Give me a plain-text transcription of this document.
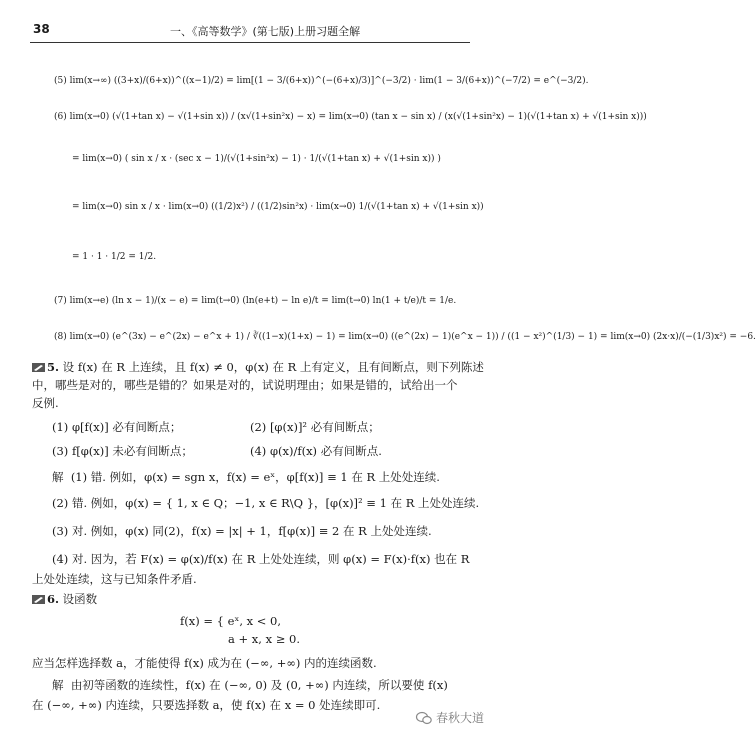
38	一、《高等数学》(第七版)上册习题全解
(5) lim(x→∞) ((3+x)/(6+x))^((x−1)/2) = lim[(1 − 3/(6+x))^(−(6+x)/3)]^(−3/2) · lim(1 − 3/(6+x))^(−7/2) = e^(−3/2).
(6) lim(x→0) (√(1+tan x) − √(1+sin x)) / (x√(1+sin²x) − x) = lim(x→0) (tan x − sin x) / (x(√(1+sin²x) − 1)(√(1+tan x) + √(1+sin x)))
= lim(x→0) ( sin x / x · (sec x − 1)/(√(1+sin²x) − 1) · 1/(√(1+tan x) + √(1+sin x)) )
= lim(x→0) sin x / x · lim(x→0) ((1/2)x²) / ((1/2)sin²x) · lim(x→0) 1/(√(1+tan x) + √(1+sin x))
= 1 · 1 · 1/2 = 1/2.
(7) lim(x→e) (ln x − 1)/(x − e) = lim(t→0) (ln(e+t) − ln e)/t = lim(t→0) ln(1 + t/e)/t = 1/e.
(8) lim(x→0) (e^(3x) − e^(2x) − e^x + 1) / ∛((1−x)(1+x) − 1) = lim(x→0) ((e^(2x) − 1)(e^x − 1)) / ((1 − x²)^(1/3) − 1) = lim(x→0) (2x·x)/(−(1/3)x²) = −6.
5. 设 f(x) 在 R 上连续，且 f(x) ≠ 0，φ(x) 在 R 上有定义，且有间断点，则下列陈述
中，哪些是对的，哪些是错的？如果是对的，试说明理由；如果是错的，试给出一个
反例.
(1) φ[f(x)] 必有间断点；	(2) [φ(x)]² 必有间断点；
(3) f[φ(x)] 未必有间断点；	(4) φ(x)/f(x) 必有间断点.
解 (1) 错. 例如，φ(x) = sgn x，f(x) = eˣ，φ[f(x)] ≡ 1 在 R 上处处连续.
(2) 错. 例如，φ(x) = { 1, x ∈ Q；−1, x ∈ R\Q }，[φ(x)]² ≡ 1 在 R 上处处连续.
(3) 对. 例如，φ(x) 同(2)，f(x) = |x| + 1，f[φ(x)] ≡ 2 在 R 上处处连续.
(4) 对. 因为，若 F(x) = φ(x)/f(x) 在 R 上处处连续，则 φ(x) = F(x)·f(x) 也在 R
上处处连续，这与已知条件矛盾.
6. 设函数
f(x) = { eˣ, x < 0,
a + x, x ≥ 0.
应当怎样选择数 a，才能使得 f(x) 成为在 (−∞, +∞) 内的连续函数.
解 由初等函数的连续性，f(x) 在 (−∞, 0) 及 (0, +∞) 内连续，所以要使 f(x)
在 (−∞, +∞) 内连续，只要选择数 a，使 f(x) 在 x = 0 处连续即可.
春秋大道
